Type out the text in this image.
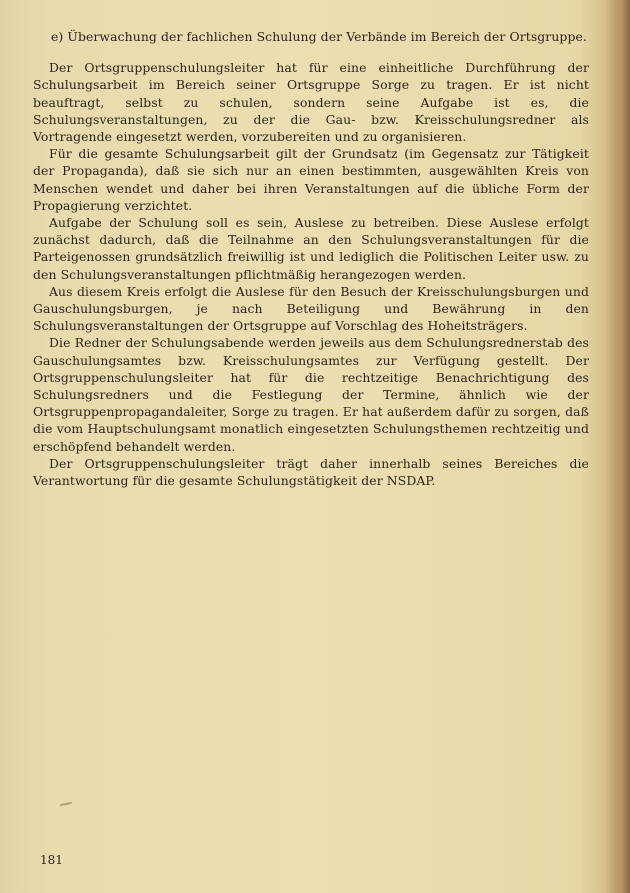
e) Überwachung der fachlichen Schulung der Verbände im Bereich der Ortsgruppe.

Der Ortsgruppenschulungsleiter hat für eine einheitliche Durchführung der Schulungsarbeit im Bereich seiner Ortsgruppe Sorge zu tragen. Er ist nicht beauftragt, selbst zu schulen, sondern seine Aufgabe ist es, die Schulungsveranstaltungen, zu der die Gau- bzw. Kreisschulungsredner als Vortragende eingesetzt werden, vorzubereiten und zu organisieren.

Für die gesamte Schulungsarbeit gilt der Grundsatz (im Gegensatz zur Tätigkeit der Propaganda), daß sie sich nur an einen bestimmten, ausgewählten Kreis von Menschen wendet und daher bei ihren Veranstaltungen auf die übliche Form der Propagierung verzichtet.

Aufgabe der Schulung soll es sein, Auslese zu betreiben. Diese Auslese erfolgt zunächst dadurch, daß die Teilnahme an den Schulungsveranstaltungen für die Parteigenossen grundsätzlich freiwillig ist und lediglich die Politischen Leiter usw. zu den Schulungsveranstaltungen pflichtmäßig herangezogen werden.

Aus diesem Kreis erfolgt die Auslese für den Besuch der Kreisschulungsburgen und Gauschulungsburgen, je nach Beteiligung und Bewährung in den Schulungsveranstaltungen der Ortsgruppe auf Vorschlag des Hoheitsträgers.

Die Redner der Schulungsabende werden jeweils aus dem Schulungsrednerstab des Gauschulungsamtes bzw. Kreisschulungsamtes zur Verfügung gestellt. Der Ortsgruppenschulungsleiter hat für die rechtzeitige Benachrichtigung des Schulungsredners und die Festlegung der Termine, ähnlich wie der Ortsgruppenpropagandaleiter, Sorge zu tragen. Er hat außerdem dafür zu sorgen, daß die vom Hauptschulungsamt monatlich eingesetzten Schulungsthemen rechtzeitig und erschöpfend behandelt werden.

Der Ortsgruppenschulungsleiter trägt daher innerhalb seines Bereiches die Verantwortung für die gesamte Schulungstätigkeit der NSDAP.

181
